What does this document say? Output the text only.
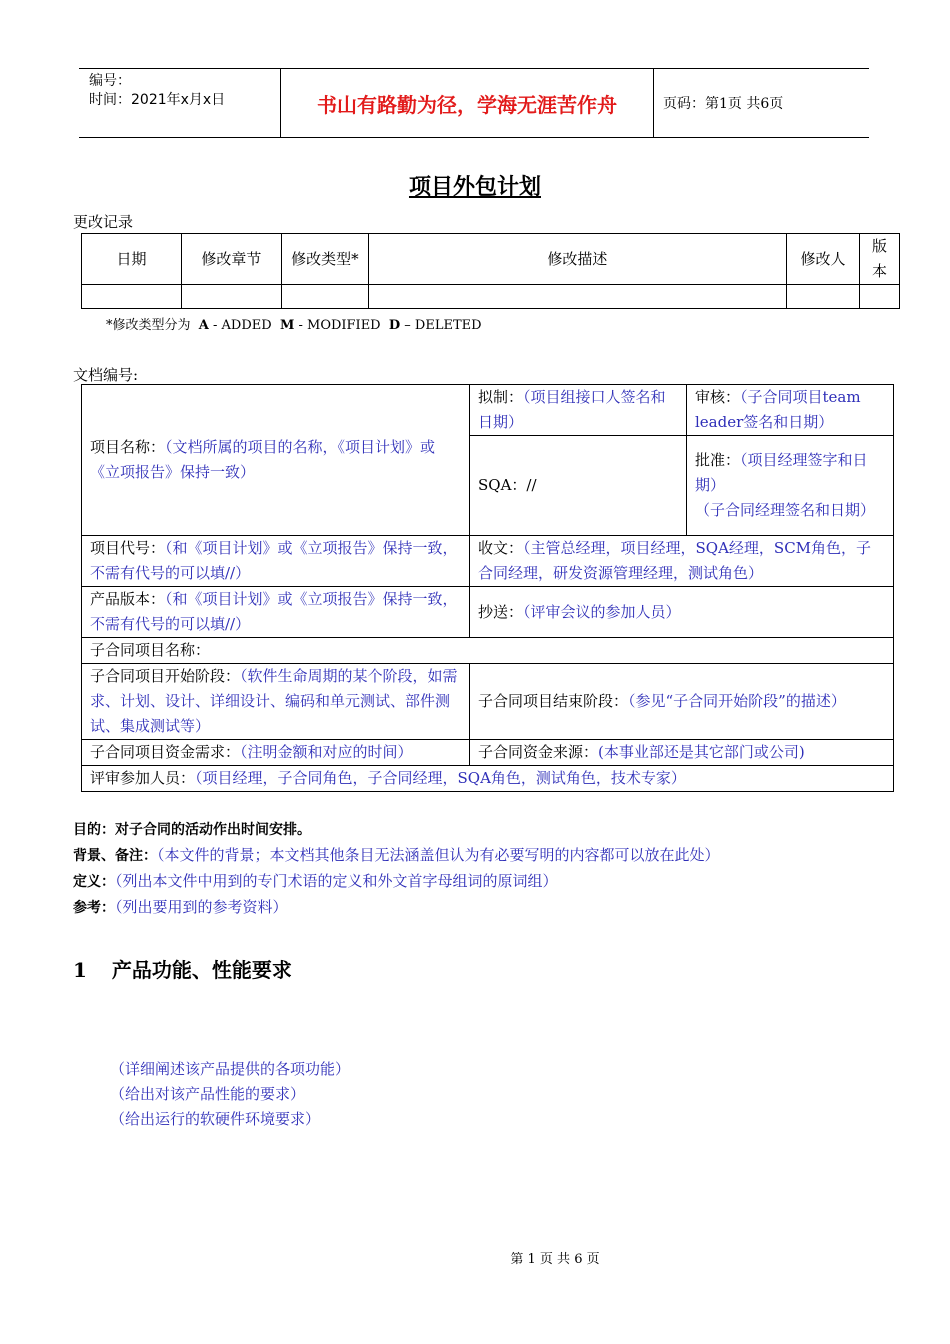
编号：
时间：2021年x月x日	书山有路勤为径，学海无涯苦作舟	页码：第1页 共6页
项目外包计划
更改记录
日期	修改章节	修改类型*	修改描述	修改人	版本

*修改类型分为 A - ADDED M - MODIFIED D – DELETED
文档编号:
项目名称：（文档所属的项目的名称，《项目计划》或《立项报告》保持一致）	拟制：（项目组接口人签名和日期）	审核：（子合同项目team leader签名和日期）
	SQA：//	批准：（项目经理签字和日期）
（子合同经理签名和日期）
项目代号：（和《项目计划》或《立项报告》保持一致，不需有代号的可以填//）	收文：（主管总经理，项目经理，SQA经理，SCM角色，子合同经理，研发资源管理经理，测试角色）	
产品版本：（和《项目计划》或《立项报告》保持一致，不需有代号的可以填//）	抄送：（评审会议的参加人员）	
子合同项目名称：		
子合同项目开始阶段：（软件生命周期的某个阶段，如需求、计划、设计、详细设计、编码和单元测试、部件测试、集成测试等）	子合同项目结束阶段：（参见“子合同开始阶段”的描述）	
子合同项目资金需求：（注明金额和对应的时间）	子合同资金来源：(本事业部还是其它部门或公司)	
评审参加人员：（项目经理，子合同角色，子合同经理，SQA角色，测试角色，技术专家）		
目的：对子合同的活动作出时间安排。
背景、备注：（本文件的背景；本文档其他条目无法涵盖但认为有必要写明的内容都可以放在此处）
定义：（列出本文件中用到的专门术语的定义和外文首字母组词的原词组）
参考：（列出要用到的参考资料）
1 产品功能、性能要求
（详细阐述该产品提供的各项功能）
（给出对该产品性能的要求）
（给出运行的软硬件环境要求）
第 1 页 共 6 页
